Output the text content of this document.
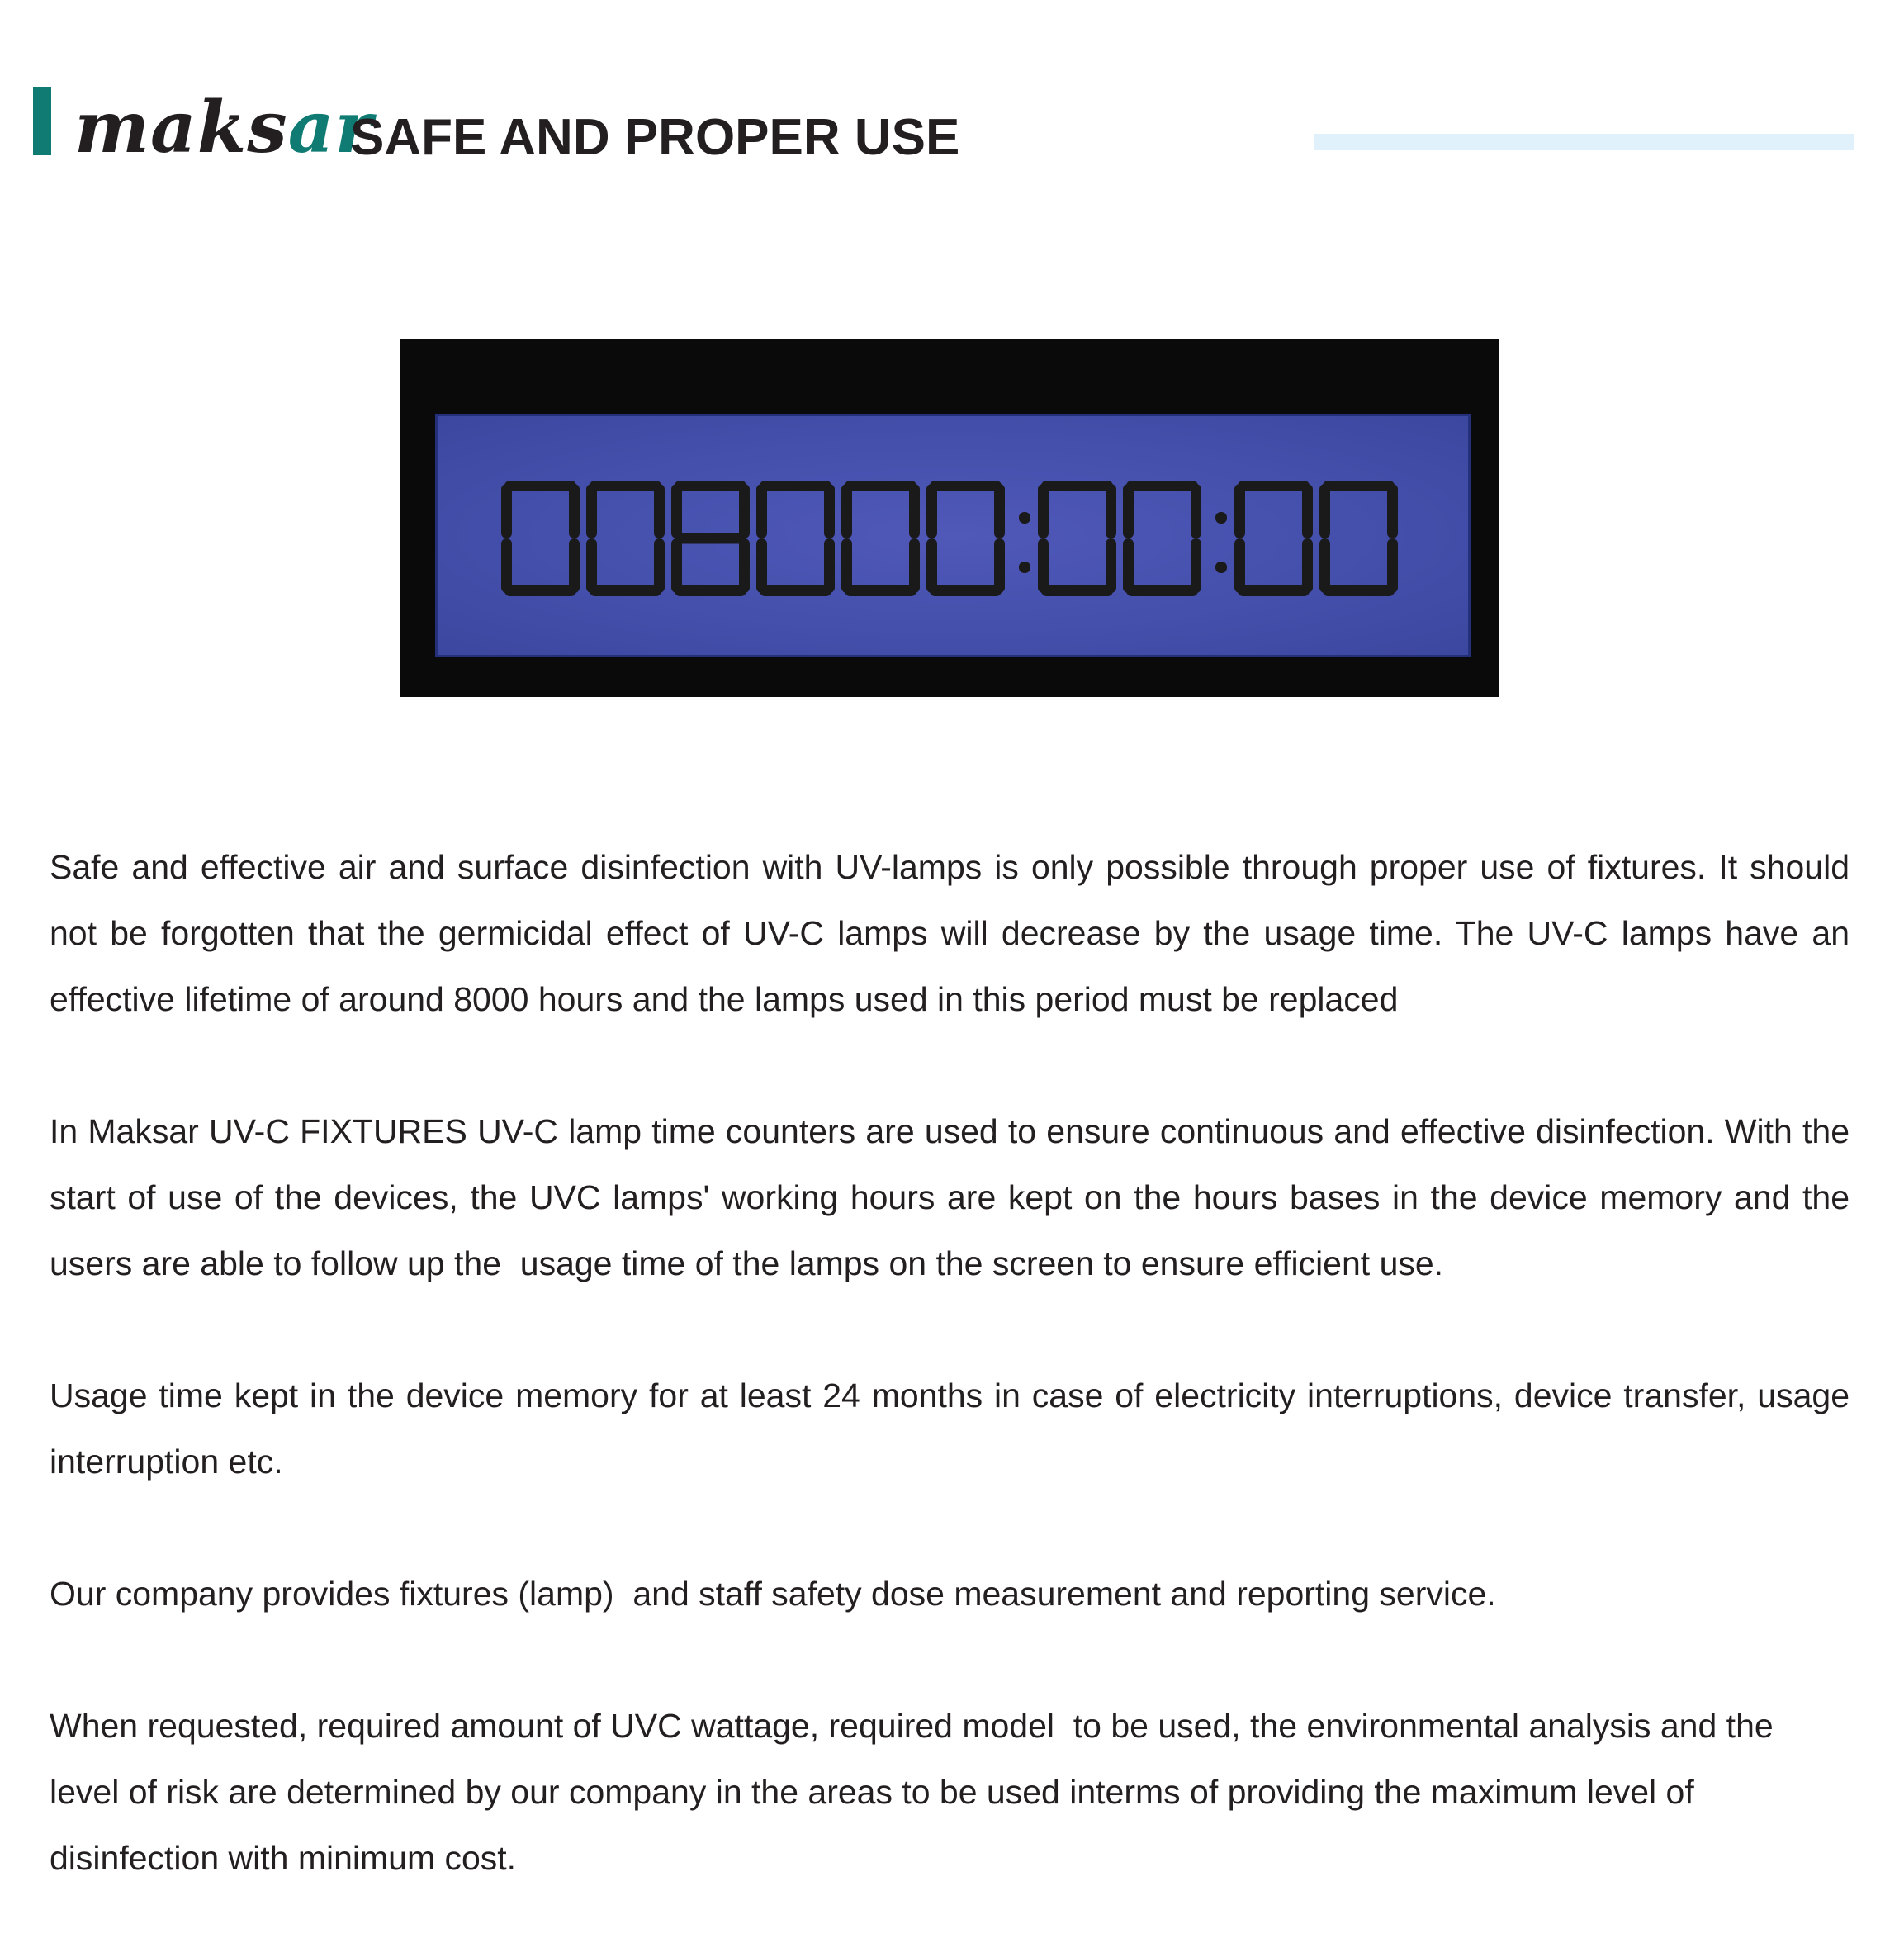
maksar
SAFE AND PROPER USE

Safe and effective air and surface disinfection with UV-lamps is only possible through proper use of fixtures. It should not be forgotten that the germicidal effect of UV-C lamps will decrease by the usage time. The UV-C lamps have an effective lifetime of around 8000 hours and the lamps used in this period must be replaced

In Maksar UV-C FIXTURES UV-C lamp time counters are used to ensure continuous and effective disinfection. With the start of use of the devices, the UVC lamps' working hours are kept on the hours bases in the device memory and the users are able to follow up the  usage time of the lamps on the screen to ensure efficient use.

Usage time kept in the device memory for at least 24 months in case of electricity interruptions, device transfer, usage interruption etc.

Our company provides fixtures (lamp)  and staff safety dose measurement and reporting service.

When requested, required amount of UVC wattage, required model  to be used, the environmental analysis and the level of risk are determined by our company in the areas to be used interms of providing the maximum level of disinfection with minimum cost.
